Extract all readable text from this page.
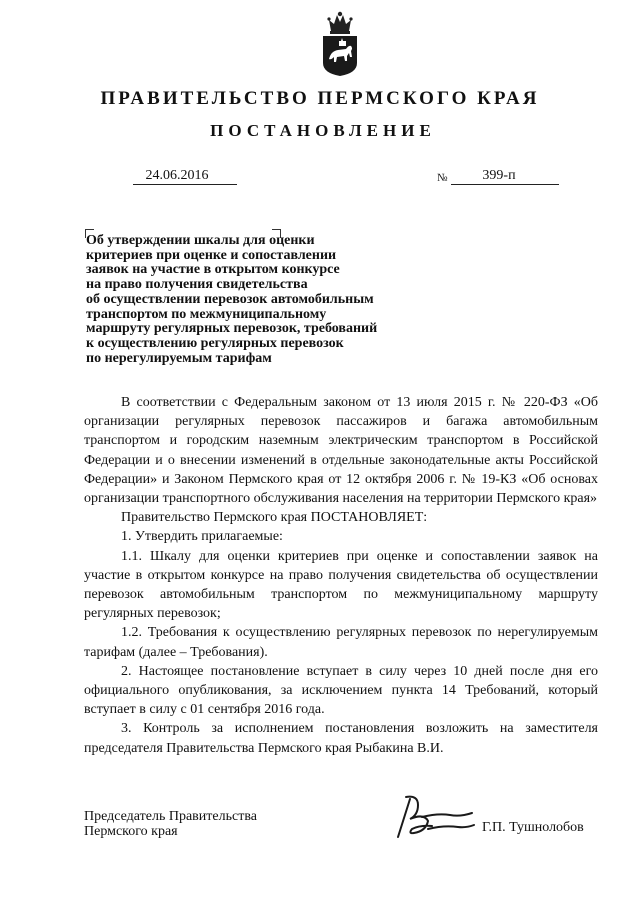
ПРАВИТЕЛЬСТВО ПЕРМСКОГО КРАЯ
ПОСТАНОВЛЕНИЕ
24.06.2016	№	399-п
Об утверждении шкалы для оценки
критериев при оценке и сопоставлении
заявок на участие в открытом конкурсе
на право получения свидетельства
об осуществлении перевозок автомобильным
транспортом по межмуниципальному
маршруту регулярных перевозок, требований
к осуществлению регулярных перевозок
по нерегулируемым тарифам

В соответствии с Федеральным законом от 13 июля 2015 г. № 220-ФЗ «Об организации регулярных перевозок пассажиров и багажа автомобильным транспортом и городским наземным электрическим транспортом в Российской Федерации и о внесении изменений в отдельные законодательные акты Российской Федерации» и Законом Пермского края от 12 октября 2006 г. № 19-КЗ «Об основах организации транспортного обслуживания населения на территории Пермского края»

Правительство Пермского края ПОСТАНОВЛЯЕТ:

1. Утвердить прилагаемые:

1.1. Шкалу для оценки критериев при оценке и сопоставлении заявок на участие в открытом конкурсе на право получения свидетельства об осуществлении перевозок автомобильным транспортом по межмуниципальному маршруту регулярных перевозок;

1.2. Требования к осуществлению регулярных перевозок по нерегулируемым тарифам (далее – Требования).

2. Настоящее постановление вступает в силу через 10 дней после дня его официального опубликования, за исключением пункта 14 Требований, который вступает в силу с 01 сентября 2016 года.

3. Контроль за исполнением постановления возложить на заместителя председателя Правительства Пермского края Рыбакина В.И.

Председатель Правительства
Пермского края	Г.П. Тушнолобов
